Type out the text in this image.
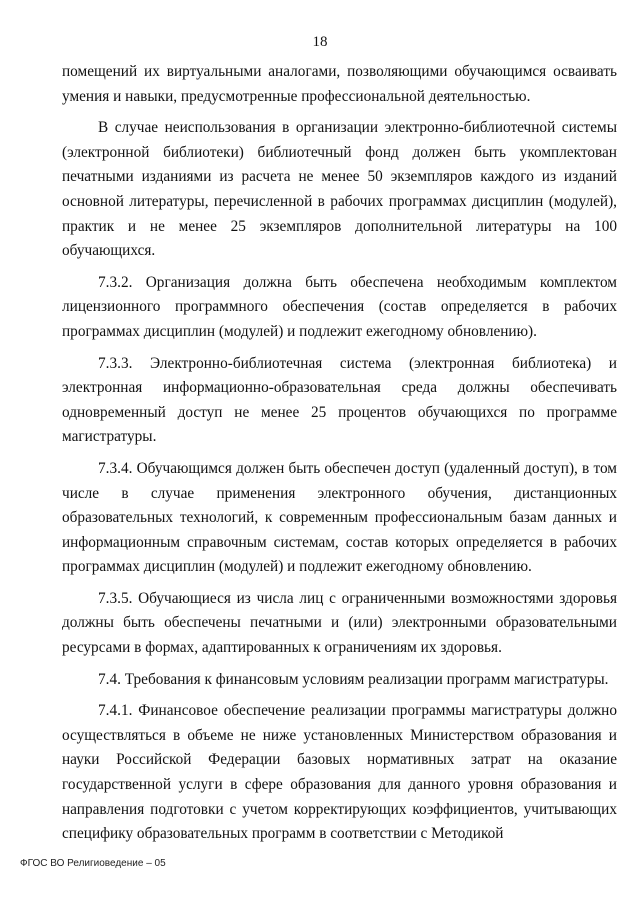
18

помещений их виртуальными аналогами, позволяющими обучающимся осваивать умения и навыки, предусмотренные профессиональной деятельностью.

В случае неиспользования в организации электронно-библиотечной системы (электронной библиотеки) библиотечный фонд должен быть укомплектован печатными изданиями из расчета не менее 50 экземпляров каждого из изданий основной литературы, перечисленной в рабочих программах дисциплин (модулей), практик и не менее 25 экземпляров дополнительной литературы на 100 обучающихся.

7.3.2. Организация должна быть обеспечена необходимым комплектом лицензионного программного обеспечения (состав определяется в рабочих программах дисциплин (модулей) и подлежит ежегодному обновлению).

7.3.3. Электронно-библиотечная система (электронная библиотека) и электронная информационно-образовательная среда должны обеспечивать одновременный доступ не менее 25 процентов обучающихся по программе магистратуры.

7.3.4. Обучающимся должен быть обеспечен доступ (удаленный доступ), в том числе в случае применения электронного обучения, дистанционных образовательных технологий, к современным профессиональным базам данных и информационным справочным системам, состав которых определяется в рабочих программах дисциплин (модулей) и подлежит ежегодному обновлению.

7.3.5. Обучающиеся из числа лиц с ограниченными возможностями здоровья должны быть обеспечены печатными и (или) электронными образовательными ресурсами в формах, адаптированных к ограничениям их здоровья.

7.4. Требования к финансовым условиям реализации программ магистратуры.

7.4.1. Финансовое обеспечение реализации программы магистратуры должно осуществляться в объеме не ниже установленных Министерством образования и науки Российской Федерации базовых нормативных затрат на оказание государственной услуги в сфере образования для данного уровня образования и направления подготовки с учетом корректирующих коэффициентов, учитывающих специфику образовательных программ в соответствии с Методикой

ФГОС ВО Религиоведение – 05
